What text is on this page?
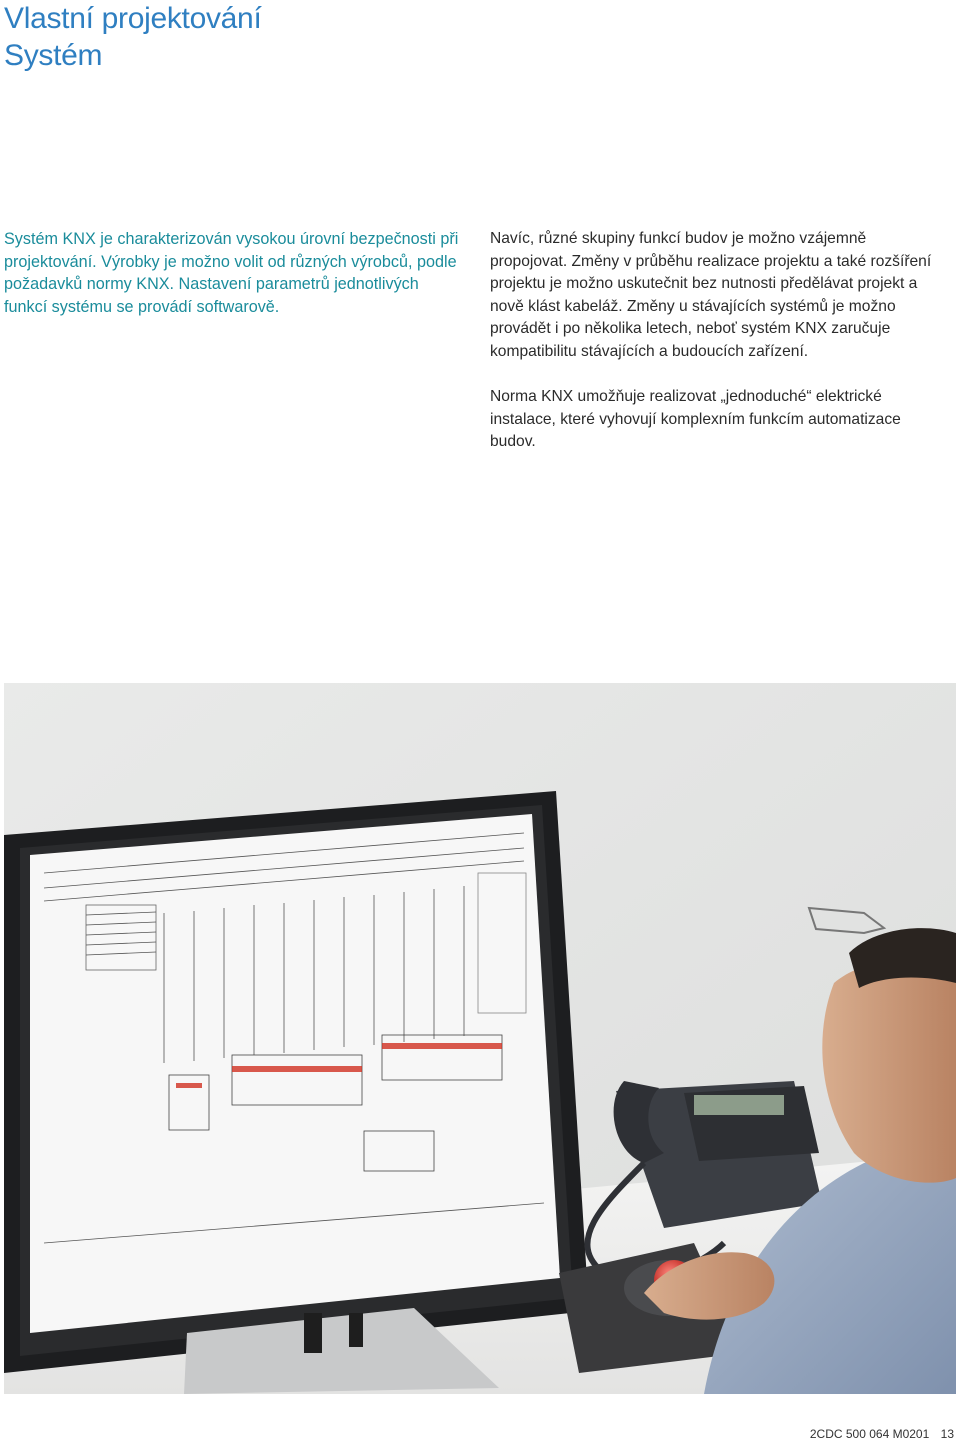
Vlastní projektování
Systém

Systém KNX je charakterizován vysokou úrovní bezpečnosti při projektování. Výrobky je možno volit od různých výrobců, podle požadavků normy KNX. Nastavení parametrů jednotlivých funkcí systému se provádí softwarově.

Navíc, různé skupiny funkcí budov je možno vzájemně propojovat. Změny v průběhu realizace projektu a také rozšíření projektu je možno uskutečnit bez nutnosti předělávat projekt a nově klást kabeláž. Změny u stávajících systémů je možno provádět i po několika letech, neboť systém KNX zaručuje kompatibilitu stávajících a budoucích zařízení.

Norma KNX umožňuje realizovat „jednoduché“ elektrické instalace, které vyhovují komplexním funkcím automatizace budov.

2CDC 500 064 M0201 13
